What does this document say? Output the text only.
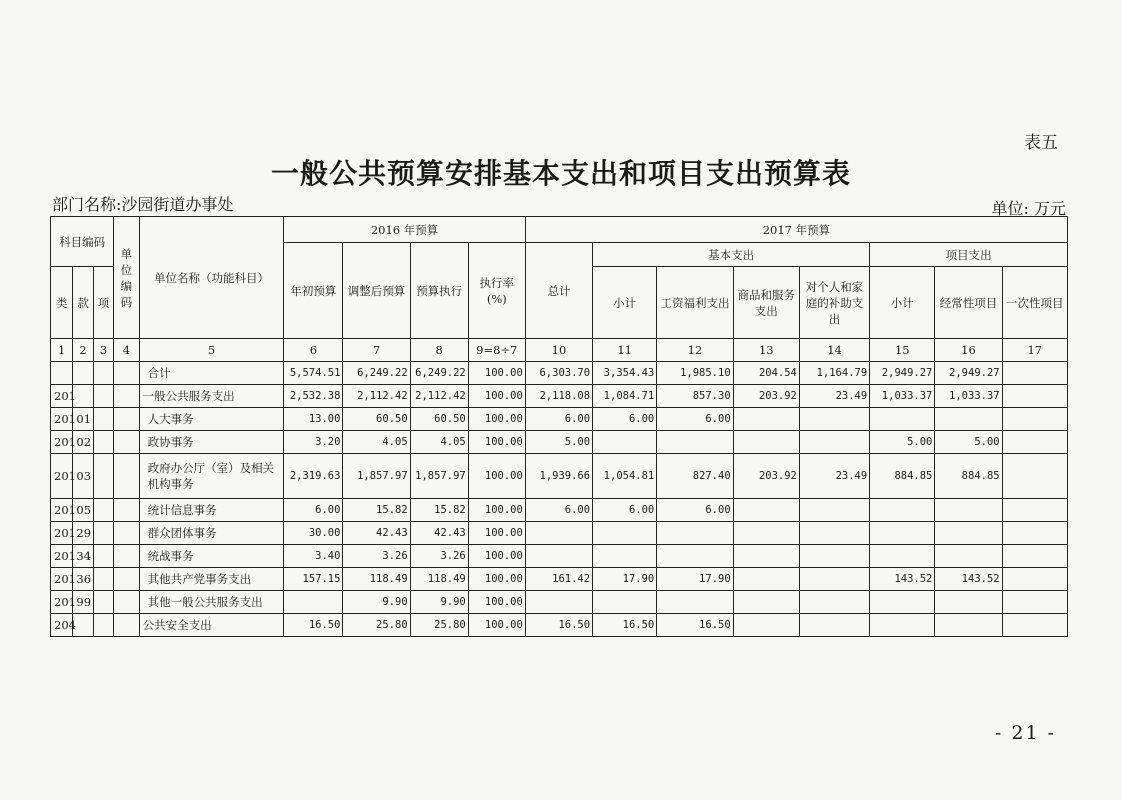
表五
一般公共预算安排基本支出和项目支出预算表
部门名称:沙园街道办事处	单位: 万元
科目编码			单位编码	单位名称（功能科目）	2016 年预算				2017 年预算							
					年初预算	调整后预算	预算执行	执行率(%)	总计	基本支出				项目支出		
类	款	项								小计	工资福利支出	商品和服务支出	对个人和家庭的补助支出	小计	经常性项目	一次性项目
1	2	3	4	5	6	7	8	9=8÷7	10	11	12	13	14	15	16	17
				合计	5,574.51	6,249.22	6,249.22	100.00	6,303.70	3,354.43	1,985.10	204.54	1,164.79	2,949.27	2,949.27	
201				一般公共服务支出	2,532.38	2,112.42	2,112.42	100.00	2,118.08	1,084.71	857.30	203.92	23.49	1,033.37	1,033.37	
201	01			人大事务	13.00	60.50	60.50	100.00	6.00	6.00	6.00					
201	02			政协事务	3.20	4.05	4.05	100.00	5.00					5.00	5.00	
201	03			政府办公厅（室）及相关机构事务	2,319.63	1,857.97	1,857.97	100.00	1,939.66	1,054.81	827.40	203.92	23.49	884.85	884.85	
201	05			统计信息事务	6.00	15.82	15.82	100.00	6.00	6.00	6.00					
201	29			群众团体事务	30.00	42.43	42.43	100.00								
201	34			统战事务	3.40	3.26	3.26	100.00								
201	36			其他共产党事务支出	157.15	118.49	118.49	100.00	161.42	17.90	17.90			143.52	143.52	
201	99			其他一般公共服务支出		9.90	9.90	100.00								
204				公共安全支出	16.50	25.80	25.80	100.00	16.50	16.50	16.50					
- 21 -
